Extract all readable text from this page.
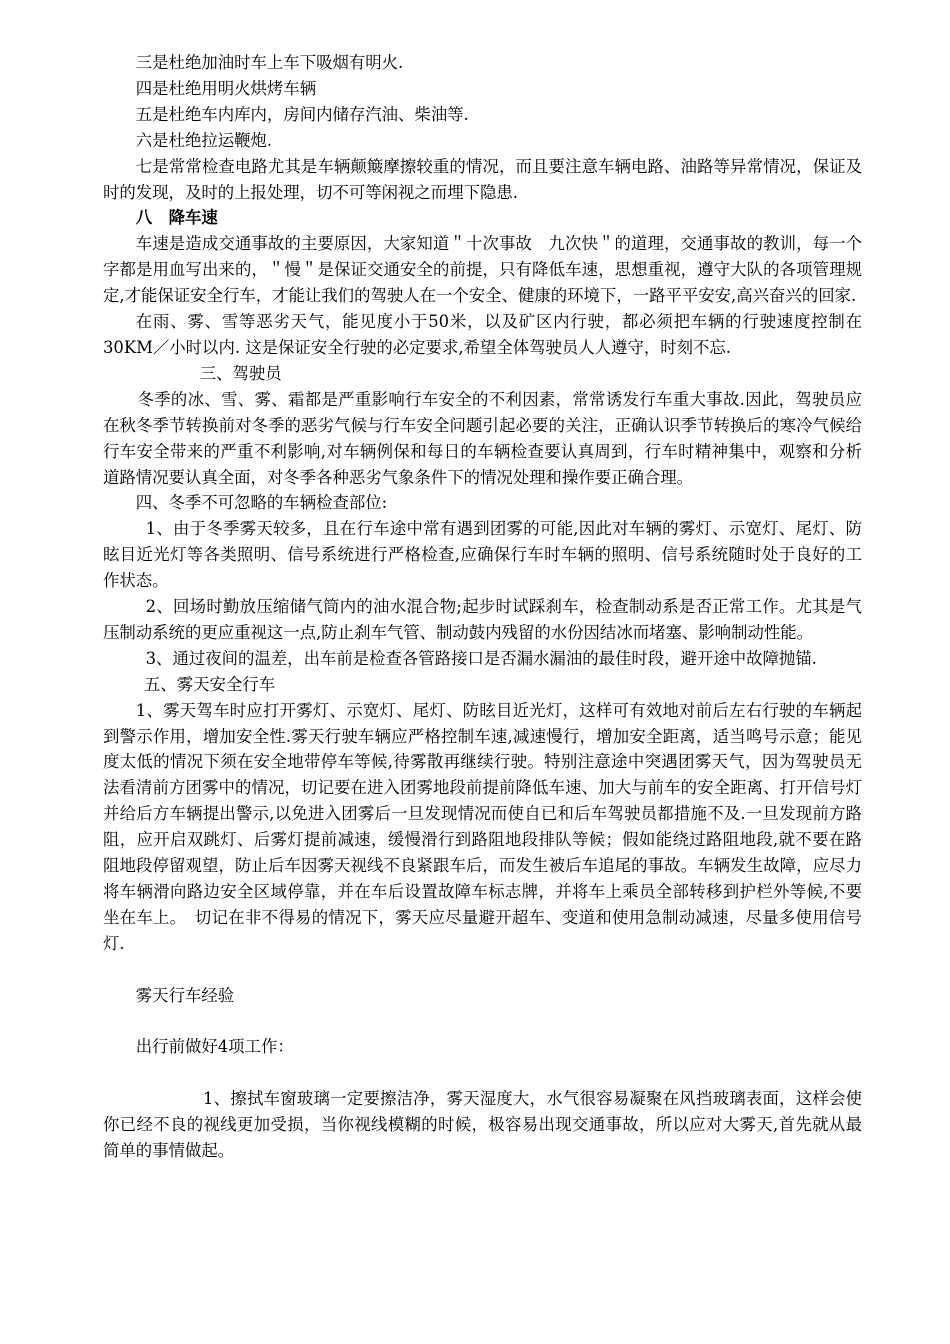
三是杜绝加油时车上车下吸烟有明火.

四是杜绝用明火烘烤车辆

五是杜绝车内库内，房间内储存汽油、柴油等.

六是杜绝拉运鞭炮.

七是常常检查电路尤其是车辆颠簸摩擦较重的情况，而且要注意车辆电路、油路等异常情况，保证及时的发现，及时的上报处理，切不可等闲视之而埋下隐患.

八　降车速

车速是造成交通事故的主要原因，大家知道＂十次事故　九次快＂的道理，交通事故的教训，每一个字都是用血写出来的，＂慢＂是保证交通安全的前提，只有降低车速，思想重视，遵守大队的各项管理规定,才能保证安全行车，才能让我们的驾驶人在一个安全、健康的环境下，一路平平安安,高兴奋兴的回家.

在雨、雾、雪等恶劣天气，能见度小于50米，以及矿区内行驶，都必须把车辆的行驶速度控制在30KM／小时以内. 这是保证安全行驶的必定要求,希望全体驾驶员人人遵守，时刻不忘.

三、驾驶员

冬季的冰、雪、雾、霜都是严重影响行车安全的不利因素，常常诱发行车重大事故.因此，驾驶员应在秋冬季节转换前对冬季的恶劣气候与行车安全问题引起必要的关注，正确认识季节转换后的寒冷气候给行车安全带来的严重不利影响,对车辆例保和每日的车辆检查要认真周到，行车时精神集中，观察和分析道路情况要认真全面，对冬季各种恶劣气象条件下的情况处理和操作要正确合理。

四、冬季不可忽略的车辆检查部位:

1、由于冬季雾天较多，且在行车途中常有遇到团雾的可能,因此对车辆的雾灯、示宽灯、尾灯、防眩目近光灯等各类照明、信号系统进行严格检查,应确保行车时车辆的照明、信号系统随时处于良好的工作状态。

2、回场时勤放压缩储气筒内的油水混合物;起步时试踩刹车，检查制动系是否正常工作。尤其是气压制动系统的更应重视这一点,防止刹车气管、制动鼓内残留的水份因结冰而堵塞、影响制动性能。

3、通过夜间的温差，出车前是检查各管路接口是否漏水漏油的最佳时段，避开途中故障抛锚.

五、雾天安全行车

1、雾天驾车时应打开雾灯、示宽灯、尾灯、防眩目近光灯，这样可有效地对前后左右行驶的车辆起到警示作用，增加安全性.雾天行驶车辆应严格控制车速,减速慢行，增加安全距离，适当鸣号示意；能见度太低的情况下须在安全地带停车等候,待雾散再继续行驶。特别注意途中突遇团雾天气，因为驾驶员无法看清前方团雾中的情况，切记要在进入团雾地段前提前降低车速、加大与前车的安全距离、打开信号灯并给后方车辆提出警示,以免进入团雾后一旦发现情况而使自已和后车驾驶员都措施不及.一旦发现前方路阻，应开启双跳灯、后雾灯提前减速，缓慢滑行到路阻地段排队等候；假如能绕过路阻地段,就不要在路阻地段停留观望，防止后车因雾天视线不良紧跟车后，而发生被后车追尾的事故。车辆发生故障，应尽力将车辆滑向路边安全区域停靠，并在车后设置故障车标志牌，并将车上乘员全部转移到护栏外等候,不要坐在车上。　切记在非不得易的情况下，雾天应尽量避开超车、变道和使用急制动减速，尽量多使用信号灯.

雾天行车经验

出行前做好4项工作：

1、擦拭车窗玻璃一定要擦洁净，雾天湿度大，水气很容易凝聚在风挡玻璃表面，这样会使你已经不良的视线更加受损，当你视线模糊的时候，极容易出现交通事故，所以应对大雾天,首先就从最简单的事情做起。
